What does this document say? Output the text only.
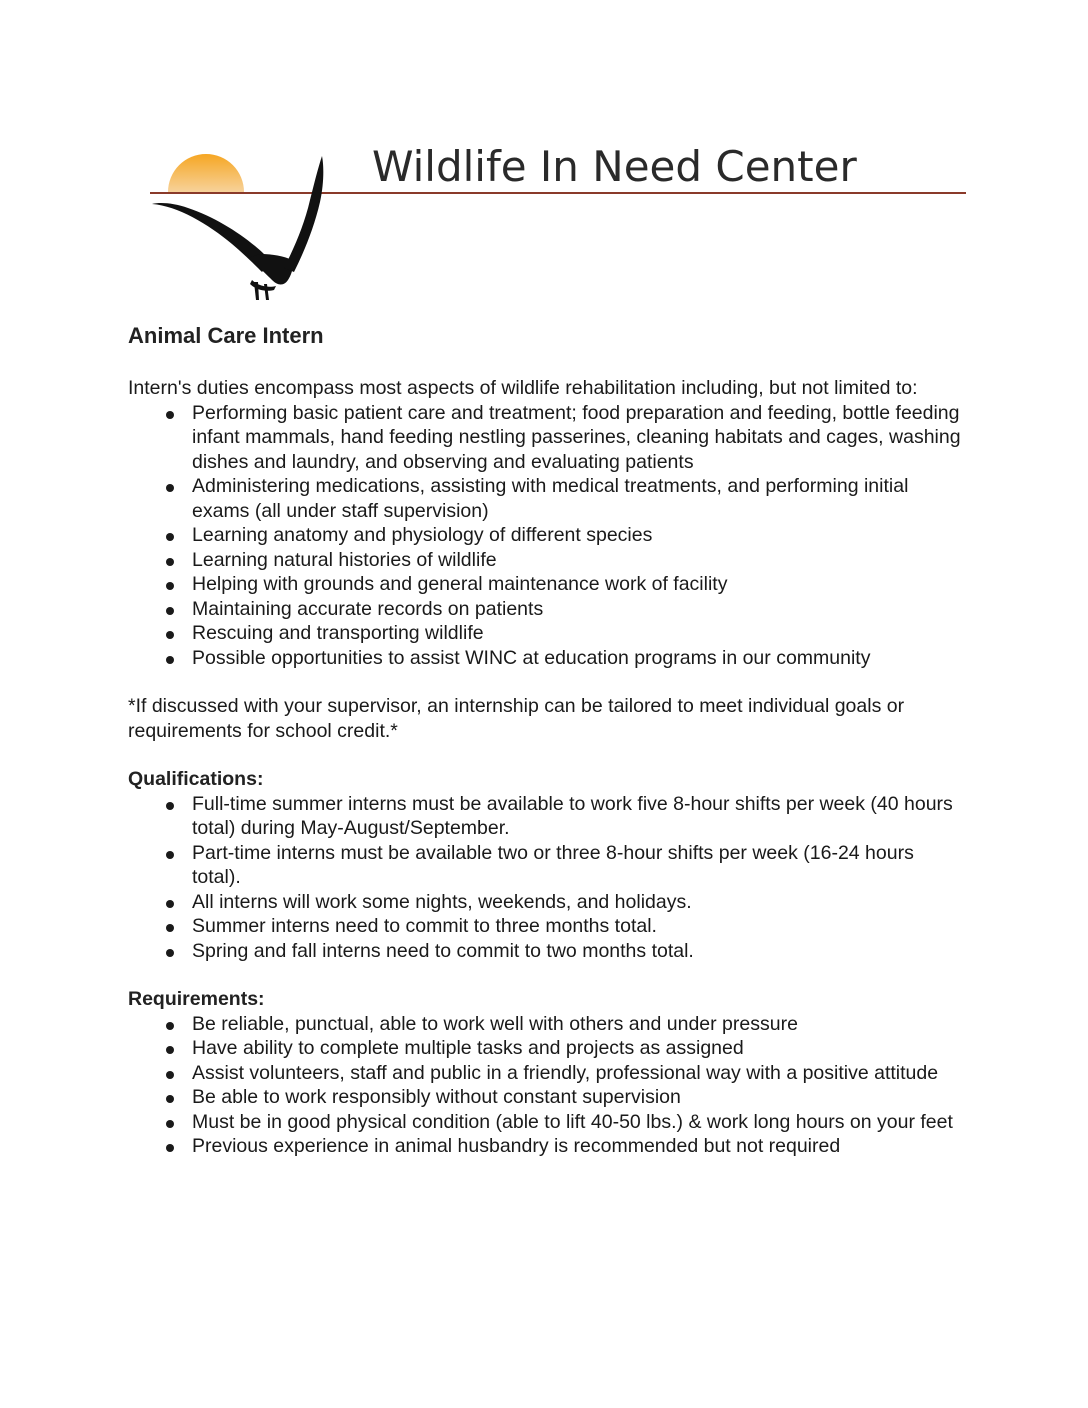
Wildlife In Need Center
Animal Care Intern

Intern's duties encompass most aspects of wildlife rehabilitation including, but not limited to:

Performing basic patient care and treatment; food preparation and feeding, bottle feeding infant mammals, hand feeding nestling passerines, cleaning habitats and cages, washing dishes and laundry, and observing and evaluating patients
Administering medications, assisting with medical treatments, and performing initial exams (all under staff supervision)
Learning anatomy and physiology of different species
Learning natural histories of wildlife
Helping with grounds and general maintenance work of facility
Maintaining accurate records on patients
Rescuing and transporting wildlife
Possible opportunities to assist WINC at education programs in our community

*If discussed with your supervisor, an internship can be tailored to meet individual goals or requirements for school credit.*

Qualifications:
Full-time summer interns must be available to work five 8-hour shifts per week (40 hours total) during May-August/September.
Part-time interns must be available two or three 8-hour shifts per week (16-24 hours total).
All interns will work some nights, weekends, and holidays.
Summer interns need to commit to three months total.
Spring and fall interns need to commit to two months total.
Requirements:
Be reliable, punctual, able to work well with others and under pressure
Have ability to complete multiple tasks and projects as assigned
Assist volunteers, staff and public in a friendly, professional way with a positive attitude
Be able to work responsibly without constant supervision
Must be in good physical condition (able to lift 40-50 lbs.) & work long hours on your feet
Previous experience in animal husbandry is recommended but not required
